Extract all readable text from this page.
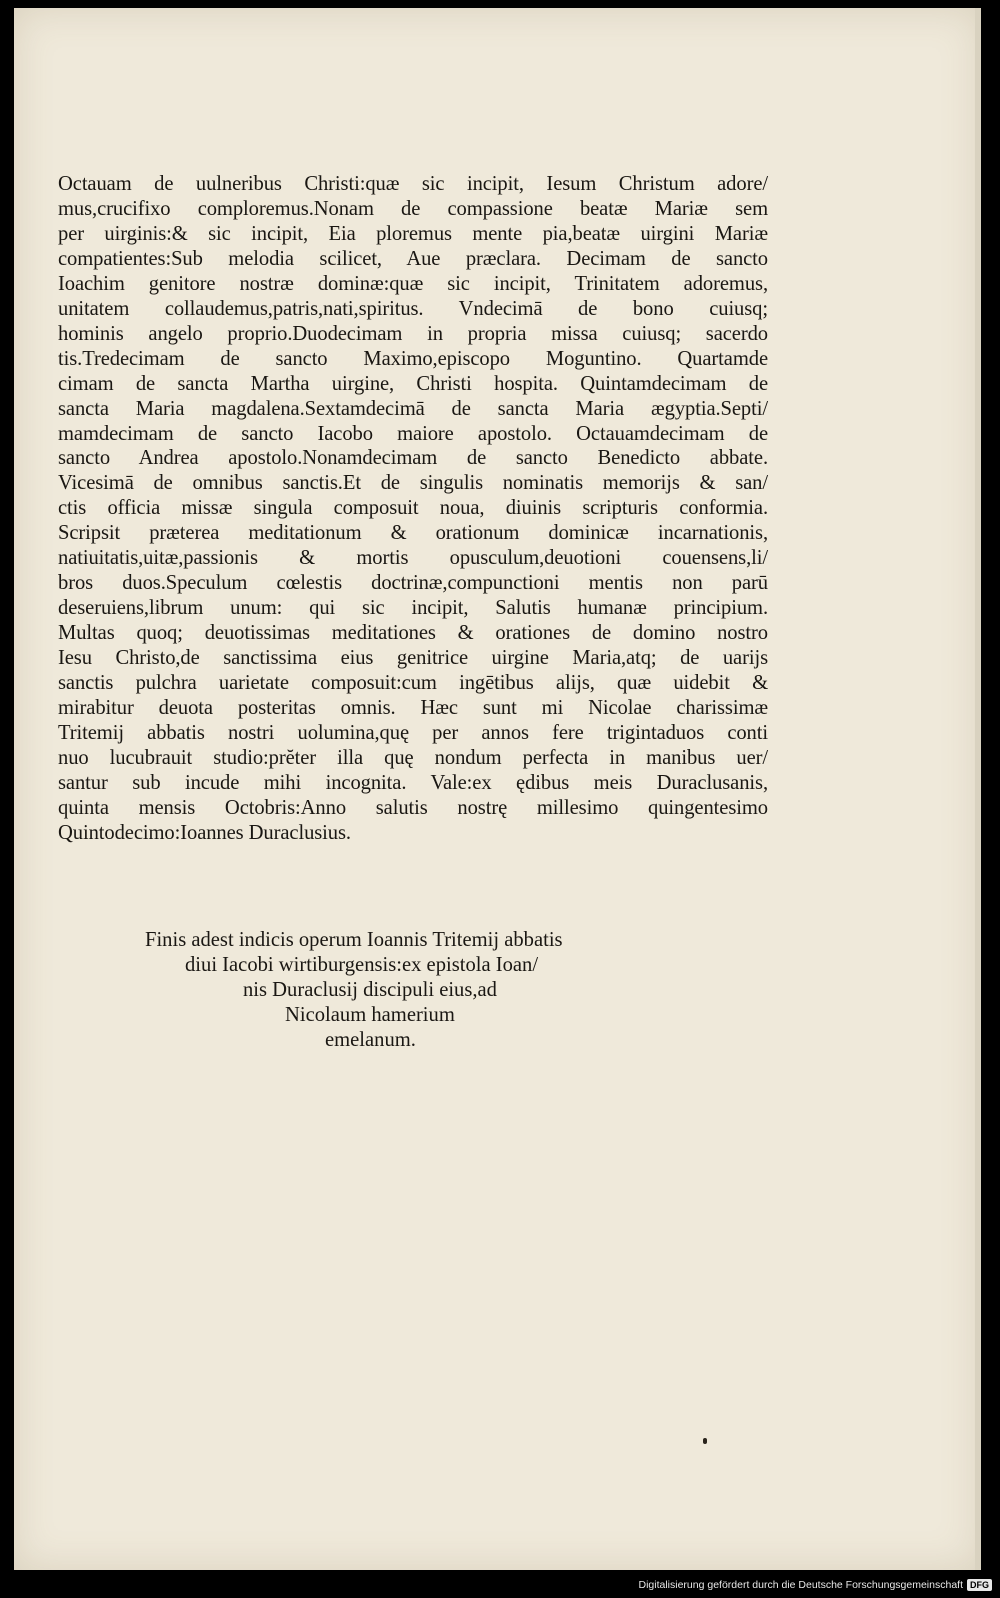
Octauam de uulneribus Christi:quæ sic incipit, Iesum Christum adore/
mus,crucifixo comploremus.Nonam de compassione beatæ Mariæ sem
per uirginis:& sic incipit, Eia ploremus mente pia,beatæ uirgini Mariæ
compatientes:Sub melodia scilicet, Aue præclara. Decimam de sancto
Ioachim genitore nostræ dominæ:quæ sic incipit, Trinitatem adoremus,
unitatem collaudemus,patris,nati,spiritus. Vndecimā de bono cuiusq;
hominis angelo proprio.Duodecimam in propria missa cuiusq; sacerdo
tis.Tredecimam de sancto Maximo,episcopo Moguntino. Quartamde
cimam de sancta Martha uirgine, Christi hospita. Quintamdecimam de
sancta Maria magdalena.Sextamdecimā de sancta Maria ægyptia.Septi/
mamdecimam de sancto Iacobo maiore apostolo. Octauamdecimam de
sancto Andrea apostolo.Nonamdecimam de sancto Benedicto abbate.
Vicesimā de omnibus sanctis.Et de singulis nominatis memorijs & san/
ctis officia missæ singula composuit noua, diuinis scripturis conformia.
Scripsit præterea meditationum & orationum dominicæ incarnationis,
natiuitatis,uitæ,passionis & mortis opusculum,deuotioni couensens,li/
bros duos.Speculum cœlestis doctrinæ,compunctioni mentis non parū
deseruiens,librum unum: qui sic incipit, Salutis humanæ principium.
Multas quoq; deuotissimas meditationes & orationes de domino nostro
Iesu Christo,de sanctissima eius genitrice uirgine Maria,atq; de uarijs
sanctis pulchra uarietate composuit:cum ingētibus alijs, quæ uidebit &
mirabitur deuota posteritas omnis. Hæc sunt mi Nicolae charissimæ
Tritemij abbatis nostri uolumina,quę per annos fere trigintaduos conti
nuo lucubrauit studio:prĕter illa quę nondum perfecta in manibus uer/
santur sub incude mihi incognita. Vale:ex ędibus meis Duraclusanis,
quinta mensis Octobris:Anno salutis nostrę millesimo quingentesimo
Quintodecimo:Ioannes Duraclusius.
Finis adest indicis operum Ioannis Tritemij abbatis
diui Iacobi wirtiburgensis:ex epistola Ioan/
nis Duraclusij discipuli eius,ad
Nicolaum hamerium
emelanum.
Digitalisierung gefördert durch die Deutsche Forschungsgemeinschaft DFG
